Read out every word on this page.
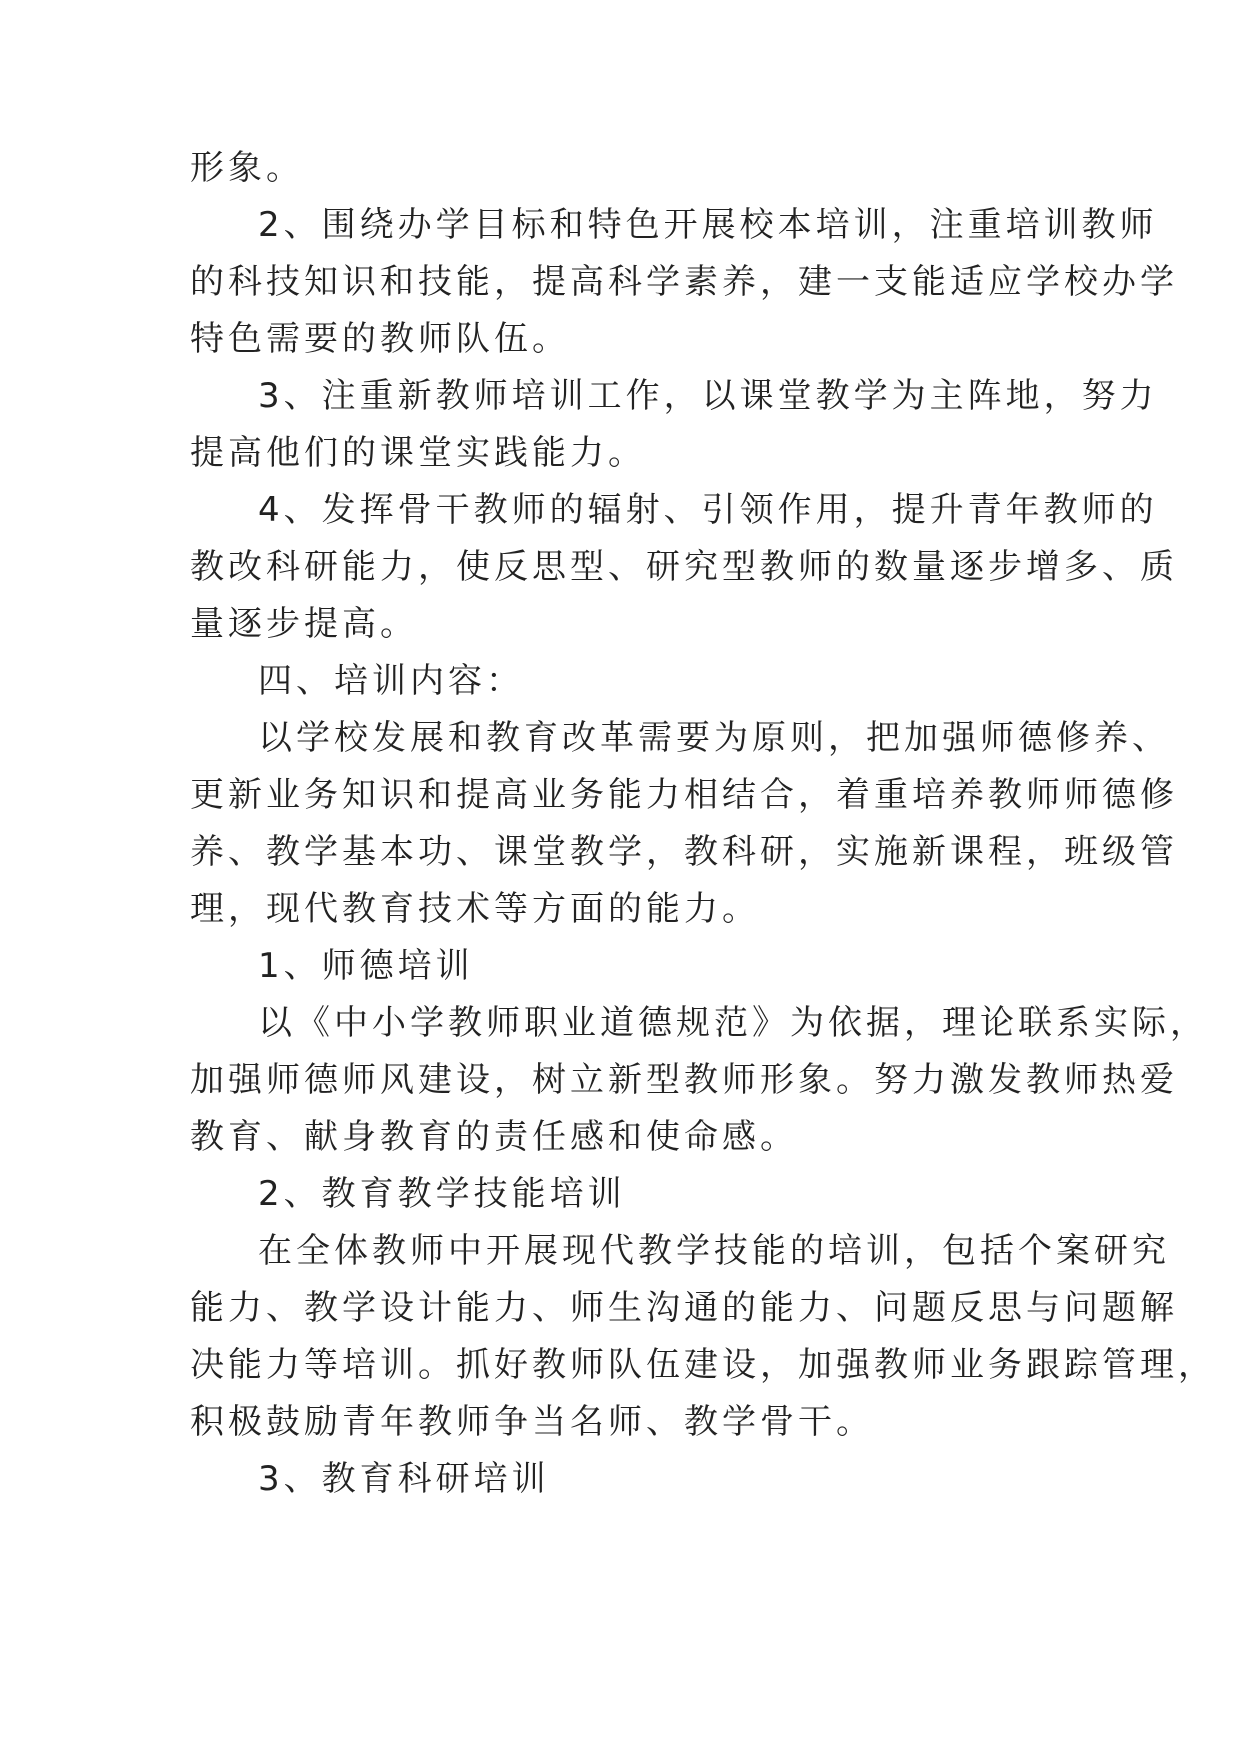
形象。
2、围绕办学目标和特色开展校本培训，注重培训教师
的科技知识和技能，提高科学素养，建一支能适应学校办学
特色需要的教师队伍。
3、注重新教师培训工作，以课堂教学为主阵地，努力
提高他们的课堂实践能力。
4、发挥骨干教师的辐射、引领作用，提升青年教师的
教改科研能力，使反思型、研究型教师的数量逐步增多、质
量逐步提高。
四、培训内容：
以学校发展和教育改革需要为原则，把加强师德修养、
更新业务知识和提高业务能力相结合，着重培养教师师德修
养、教学基本功、课堂教学，教科研，实施新课程，班级管
理，现代教育技术等方面的能力。
1、师德培训
以《中小学教师职业道德规范》为依据，理论联系实际，
加强师德师风建设，树立新型教师形象。努力激发教师热爱
教育、献身教育的责任感和使命感。
2、教育教学技能培训
在全体教师中开展现代教学技能的培训，包括个案研究
能力、教学设计能力、师生沟通的能力、问题反思与问题解
决能力等培训。抓好教师队伍建设，加强教师业务跟踪管理，
积极鼓励青年教师争当名师、教学骨干。
3、教育科研培训
